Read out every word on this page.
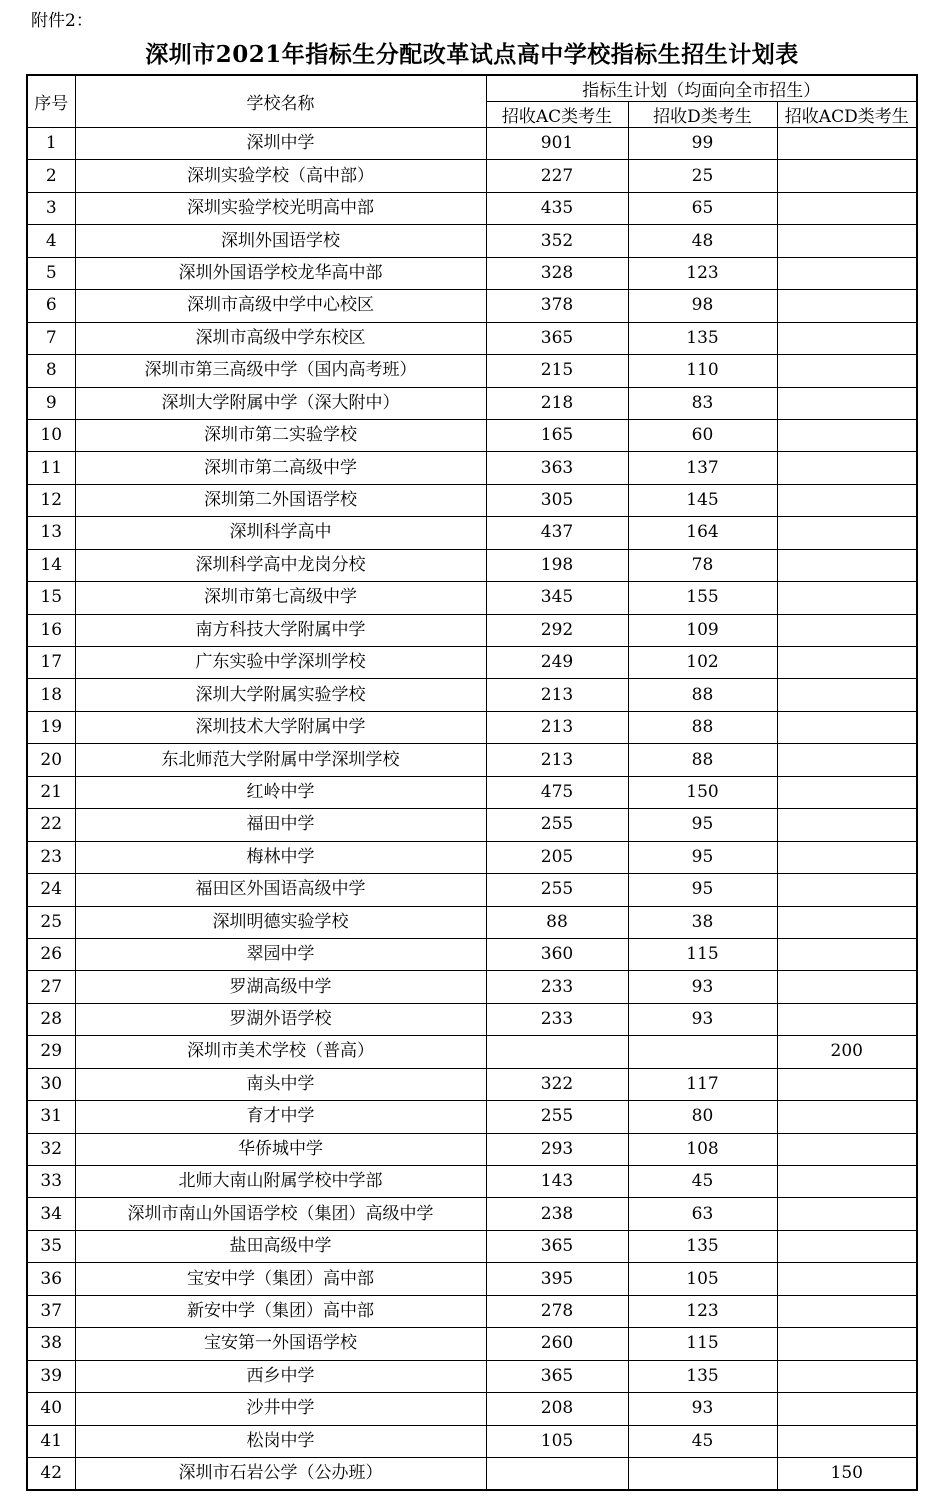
附件2：
深圳市2021年指标生分配改革试点高中学校指标生招生计划表
序号	学校名称	指标生计划（均面向全市招生）		
		招收AC类考生	招收D类考生	招收ACD类考生
1	深圳中学	901	99	
2	深圳实验学校（高中部）	227	25	
3	深圳实验学校光明高中部	435	65	
4	深圳外国语学校	352	48	
5	深圳外国语学校龙华高中部	328	123	
6	深圳市高级中学中心校区	378	98	
7	深圳市高级中学东校区	365	135	
8	深圳市第三高级中学（国内高考班）	215	110	
9	深圳大学附属中学（深大附中）	218	83	
10	深圳市第二实验学校	165	60	
11	深圳市第二高级中学	363	137	
12	深圳第二外国语学校	305	145	
13	深圳科学高中	437	164	
14	深圳科学高中龙岗分校	198	78	
15	深圳市第七高级中学	345	155	
16	南方科技大学附属中学	292	109	
17	广东实验中学深圳学校	249	102	
18	深圳大学附属实验学校	213	88	
19	深圳技术大学附属中学	213	88	
20	东北师范大学附属中学深圳学校	213	88	
21	红岭中学	475	150	
22	福田中学	255	95	
23	梅林中学	205	95	
24	福田区外国语高级中学	255	95	
25	深圳明德实验学校	88	38	
26	翠园中学	360	115	
27	罗湖高级中学	233	93	
28	罗湖外语学校	233	93	
29	深圳市美术学校（普高）			200
30	南头中学	322	117	
31	育才中学	255	80	
32	华侨城中学	293	108	
33	北师大南山附属学校中学部	143	45	
34	深圳市南山外国语学校（集团）高级中学	238	63	
35	盐田高级中学	365	135	
36	宝安中学（集团）高中部	395	105	
37	新安中学（集团）高中部	278	123	
38	宝安第一外国语学校	260	115	
39	西乡中学	365	135	
40	沙井中学	208	93	
41	松岗中学	105	45	
42	深圳市石岩公学（公办班）			150
